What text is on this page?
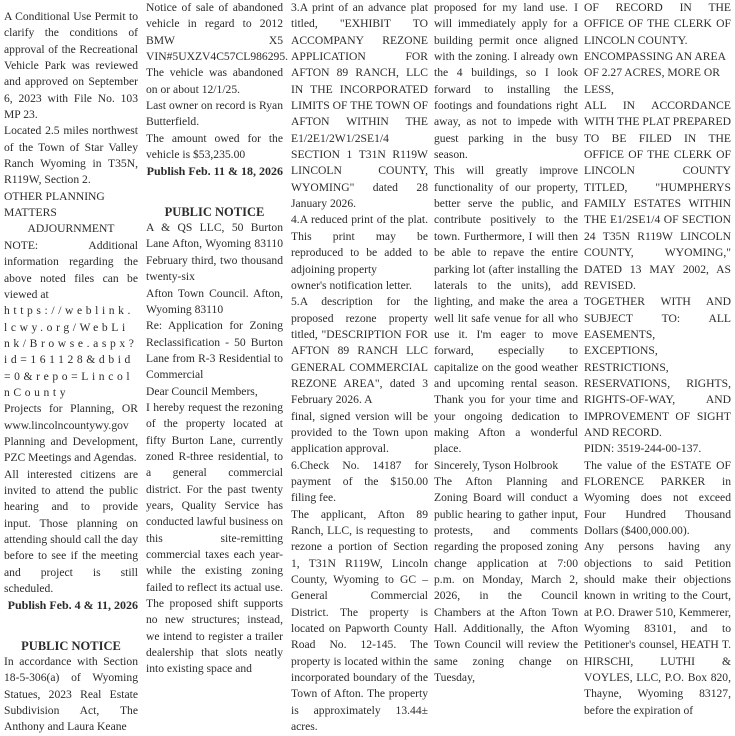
A Conditional Use Permit to clarify the conditions of approval of the Recreational Vehicle Park was reviewed and approved on September 6, 2023 with File No. 103 MP 23.

Located 2.5 miles northwest of the Town of Star Valley Ranch Wyoming in T35N, R119W, Section 2.

OTHER PLANNING MATTERS

ADJOURNMENT

NOTE: Additional information regarding the above noted files can be viewed at

https://weblink.lcwy.org/WebLink/Browse.aspx?id=161128&dbid=0&repo=LincolnCounty

Projects for Planning, OR www.lincolncountywy.gov Planning and Development, PZC Meetings and Agendas.

All interested citizens are invited to attend the public hearing and to provide input. Those planning on attending should call the day before to see if the meeting and project is still scheduled.

Publish Feb. 4 & 11, 2026

PUBLIC NOTICE

In accordance with Section 18-5-306(a) of Wyoming Statues, 2023 Real Estate Subdivision Act, The Anthony and Laura Keane

Notice of sale of abandoned vehicle in regard to 2012 BMW X5 VIN#5UXZV4C57CL986295.

The vehicle was abandoned on or about 12/1/25.

Last owner on record is Ryan Butterfield.

The amount owed for the vehicle is $53,235.00

Publish Feb. 11 & 18, 2026

PUBLIC NOTICE

A & QS LLC, 50 Burton Lane Afton, Wyoming 83110 February third, two thousand twenty-six

Afton Town Council. Afton, Wyoming 83110

Re: Application for Zoning Reclassification - 50 Burton Lane from R-3 Residential to Commercial

Dear Council Members,

I hereby request the rezoning of the property located at fifty Burton Lane, currently zoned R-three residential, to a general commercial district. For the past twenty years, Quality Service has conducted lawful business on this site-remitting commercial taxes each year-while the existing zoning failed to reflect its actual use. The proposed shift supports no new structures; instead, we intend to register a trailer dealership that slots neatly into existing space and

3.A print of an advance plat titled, "EXHIBIT TO ACCOMPANY REZONE APPLICATION FOR AFTON 89 RANCH, LLC IN THE INCORPORATED LIMITS OF THE TOWN OF AFTON WITHIN THE E1/2E1/2W1/2SE1/4 SECTION 1 T31N R119W LINCOLN COUNTY, WYOMING" dated 28 January 2026.

4.A reduced print of the plat. This print may be reproduced to be added to adjoining property

owner's notification letter.

5.A description for the proposed rezone property titled, "DESCRIPTION FOR AFTON 89 RANCH LLC GENERAL COMMERCIAL REZONE AREA", dated 3 February 2026. A

final, signed version will be provided to the Town upon application approval.

6.Check No. 14187 for payment of the $150.00 filing fee.

The applicant, Afton 89 Ranch, LLC, is requesting to rezone a portion of Section 1, T31N R119W, Lincoln County, Wyoming to GC – General Commercial District. The property is located on Papworth County Road No. 12-145. The property is located within the incorporated boundary of the Town of Afton. The property is approximately 13.44± acres.

proposed for my land use. I will immediately apply for a building permit once aligned with the zoning. I already own the 4 buildings, so I look forward to installing the footings and foundations right away, as not to impede with guest parking in the busy season.

This will greatly improve functionality of our property, better serve the public, and contribute positively to the town. Furthermore, I will then be able to repave the entire parking lot (after installing the laterals to the units), add lighting, and make the area a well lit safe venue for all who use it. I'm eager to move forward, especially to capitalize on the good weather and upcoming rental season. Thank you for your time and your ongoing dedication to making Afton a wonderful place.

Sincerely, Tyson Holbrook

The Afton Planning and Zoning Board will conduct a public hearing to gather input, protests, and comments regarding the proposed zoning change application at 7:00 p.m. on Monday, March 2, 2026, in the Council Chambers at the Afton Town Hall. Additionally, the Afton Town Council will review the same zoning change on Tuesday,

OF RECORD IN THE OFFICE OF THE CLERK OF LINCOLN COUNTY.

ENCOMPASSING AN AREA OF 2.27 ACRES, MORE OR LESS,

ALL IN ACCORDANCE WITH THE PLAT PREPARED TO BE FILED IN THE OFFICE OF THE CLERK OF LINCOLN COUNTY TITLED, "HUMPHERYS FAMILY ESTATES WITHIN THE E1/2SE1/4 OF SECTION 24 T35N R119W LINCOLN COUNTY, WYOMING," DATED 13 MAY 2002, AS REVISED.

TOGETHER WITH AND SUBJECT TO: ALL EASEMENTS, EXCEPTIONS, RESTRICTIONS, RESERVATIONS, RIGHTS, RIGHTS-OF-WAY, AND IMPROVEMENT OF SIGHT AND RECORD.

PIDN: 3519-244-00-137.

The value of the ESTATE OF FLORENCE PARKER in Wyoming does not exceed Four Hundred Thousand Dollars ($400,000.00).

Any persons having any objections to said Petition should make their objections known in writing to the Court, at P.O. Drawer 510, Kemmerer, Wyoming 83101, and to Petitioner's counsel, HEATH T. HIRSCHI, LUTHI & VOYLES, LLC, P.O. Box 820, Thayne, Wyoming 83127, before the expiration of
